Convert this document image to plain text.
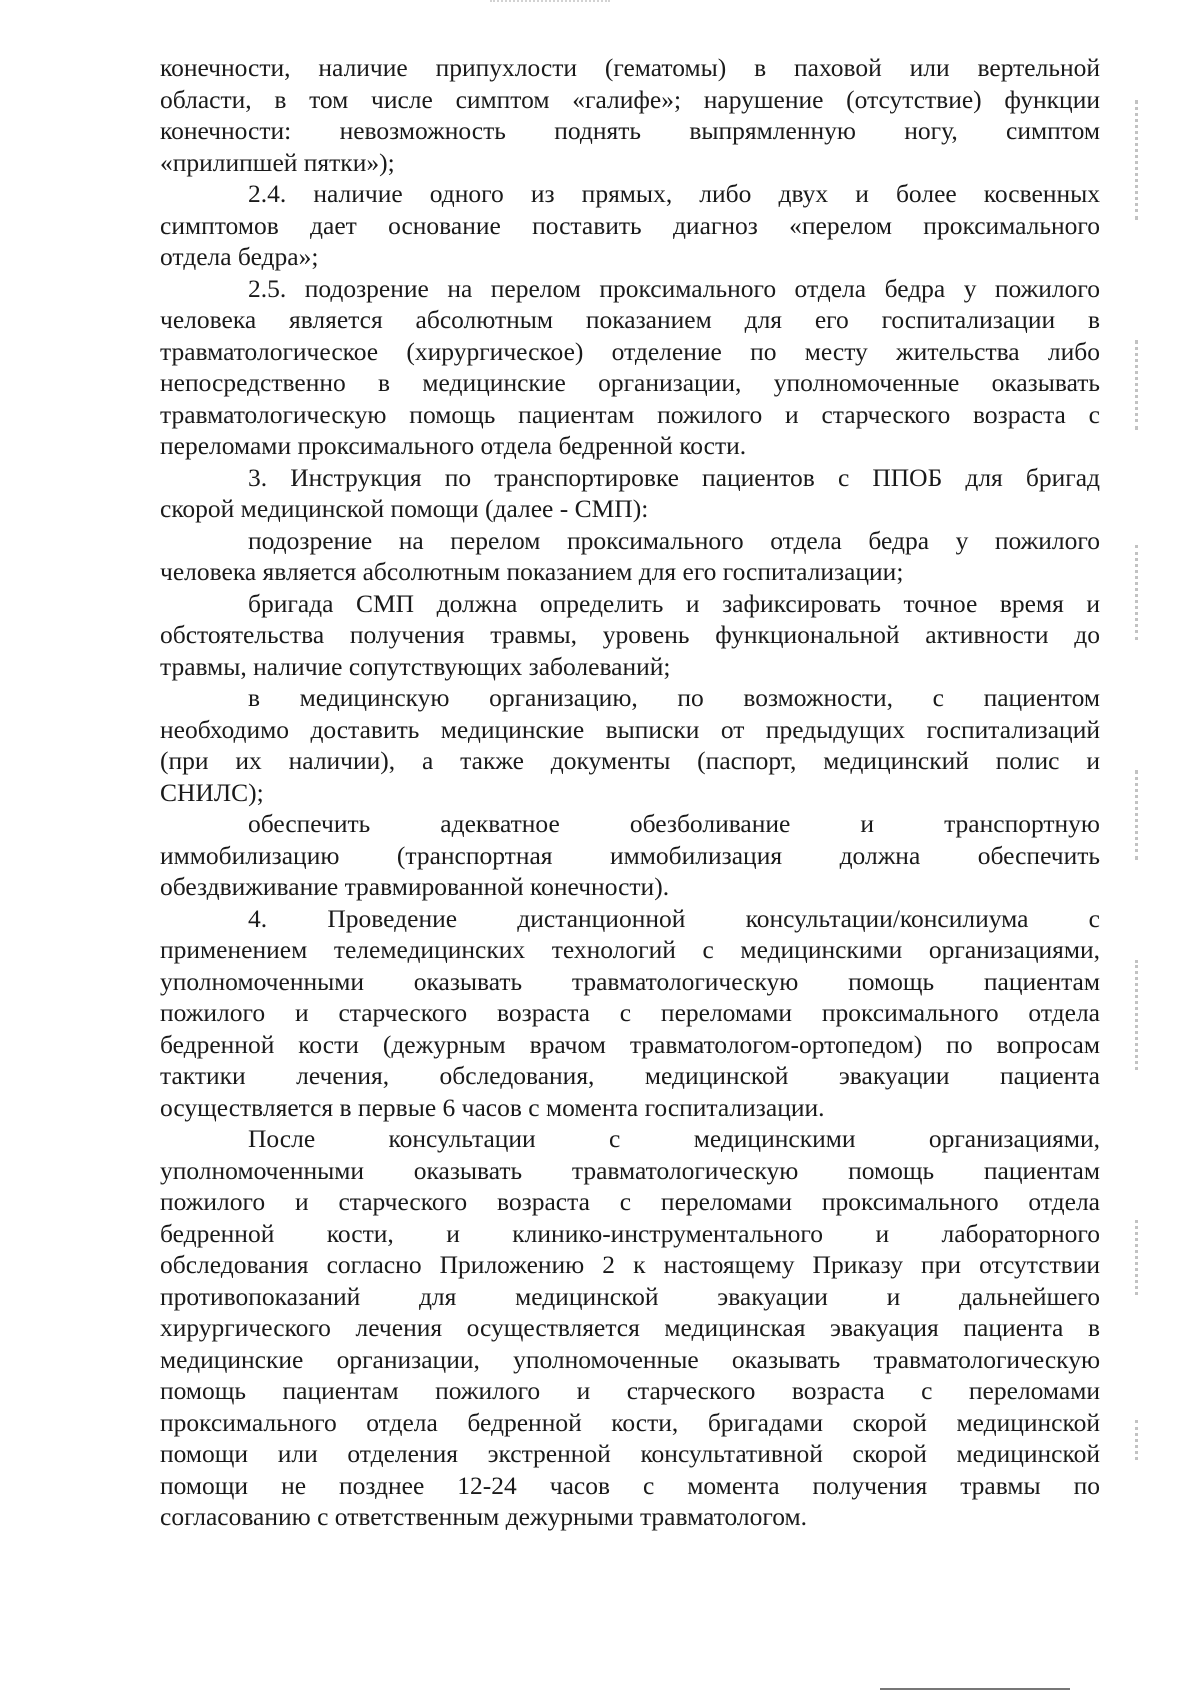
конечности, наличие припухлости (гематомы) в паховой или вертельной
области, в том числе симптом «галифе»; нарушение (отсутствие) функции
конечности: невозможность поднять выпрямленную ногу, симптом
«прилипшей пятки»);
2.4. наличие одного из прямых, либо двух и более косвенных
симптомов дает основание поставить диагноз «перелом проксимального
отдела бедра»;
2.5. подозрение на перелом проксимального отдела бедра у пожилого
человека является абсолютным показанием для его госпитализации в
травматологическое (хирургическое) отделение по месту жительства либо
непосредственно в медицинские организации, уполномоченные оказывать
травматологическую помощь пациентам пожилого и старческого возраста с
переломами проксимального отдела бедренной кости.
3. Инструкция по транспортировке пациентов с ППОБ для бригад
скорой медицинской помощи (далее - СМП):
подозрение на перелом проксимального отдела бедра у пожилого
человека является абсолютным показанием для его госпитализации;
бригада СМП должна определить и зафиксировать точное время и
обстоятельства получения травмы, уровень функциональной активности до
травмы, наличие сопутствующих заболеваний;
в медицинскую организацию, по возможности, с пациентом
необходимо доставить медицинские выписки от предыдущих госпитализаций
(при их наличии), а также документы (паспорт, медицинский полис и
СНИЛС);
обеспечить адекватное обезболивание и транспортную
иммобилизацию (транспортная иммобилизация должна обеспечить
обездвиживание травмированной конечности).
4. Проведение дистанционной консультации/консилиума с
применением телемедицинских технологий с медицинскими организациями,
уполномоченными оказывать травматологическую помощь пациентам
пожилого и старческого возраста с переломами проксимального отдела
бедренной кости (дежурным врачом травматологом-ортопедом) по вопросам
тактики лечения, обследования, медицинской эвакуации пациента
осуществляется в первые 6 часов с момента госпитализации.
После консультации с медицинскими организациями,
уполномоченными оказывать травматологическую помощь пациентам
пожилого и старческого возраста с переломами проксимального отдела
бедренной кости, и клинико-инструментального и лабораторного
обследования согласно Приложению 2 к настоящему Приказу при отсутствии
противопоказаний для медицинской эвакуации и дальнейшего
хирургического лечения осуществляется медицинская эвакуация пациента в
медицинские организации, уполномоченные оказывать травматологическую
помощь пациентам пожилого и старческого возраста с переломами
проксимального отдела бедренной кости, бригадами скорой медицинской
помощи или отделения экстренной консультативной скорой медицинской
помощи не позднее 12-24 часов с момента получения травмы по
согласованию с ответственным дежурными травматологом.
